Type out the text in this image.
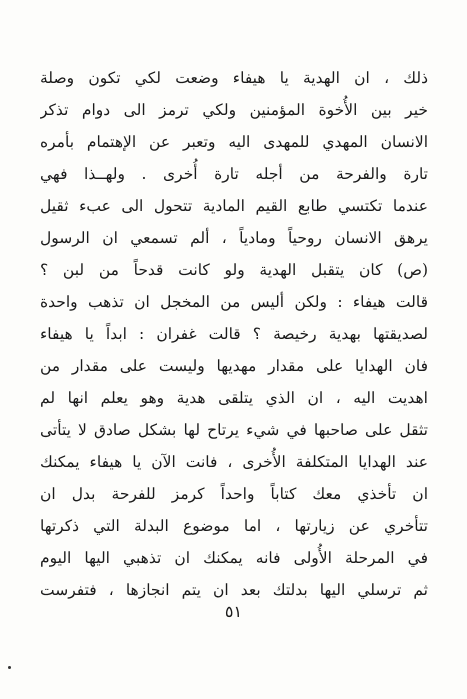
ذلك ، ان الهدية يا هيفاء وضعت لكي تكون وصلة
خير بين الأُخوة المؤمنين ولكي ترمز الى دوام تذكر
الانسان المهدي للمهدى اليه وتعبر عن الإهتمام بأمره
تارة والفرحة من أجله تارة أُخرى . ولهــذا فهي
عندما تكتسي طابع القيم المادية تتحول الى عبء ثقيل
يرهق الانسان روحياً ومادياً ، ألم تسمعي ان الرسول
(ص) كان يتقبل الهدية ولو كانت قدحاً من لبن ؟
قالت هيفاء : ولكن أليس من المخجل ان تذهب واحدة
لصديقتها بهدية رخيصة ؟ قالت غفران : ابداً يا هيفاء
فان الهدايا على مقدار مهديها وليست على مقدار من
اهديت اليه ، ان الذي يتلقى هدية وهو يعلم انها لم
تثقل على صاحبها في شيء يرتاح لها بشكل صادق لا يتأتى
عند الهدايا المتكلفة الأُخرى ، فانت الآن يا هيفاء يمكنك
ان تأخذي معك كتاباً واحداً كرمز للفرحة بدل ان
تتأخري عن زيارتها ، اما موضوع البدلة التي ذكرتها
في المرحلة الأُولى فانه يمكنك ان تذهبي اليها اليوم
ثم ترسلي اليها بدلتك بعد ان يتم انجازها ، فتفرست
٥١
